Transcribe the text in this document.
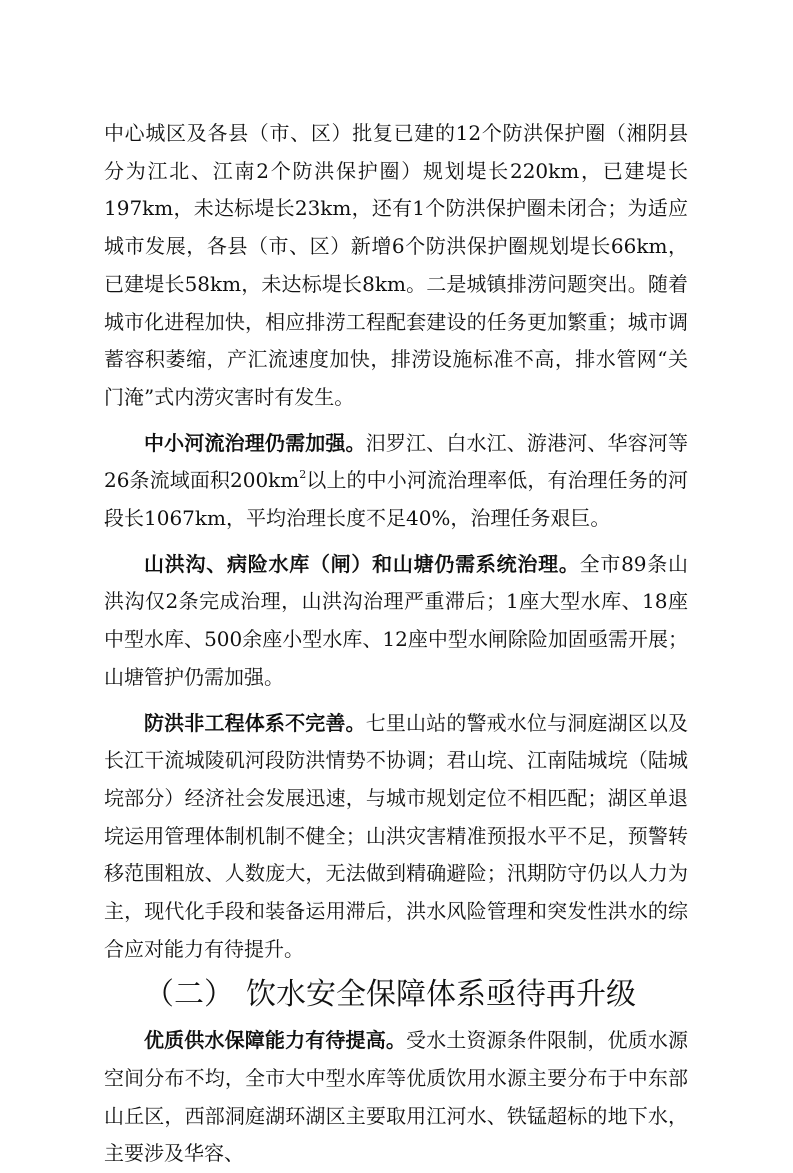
中心城区及各县（市、区）批复已建的12个防洪保护圈（湘阴县分为江北、江南2个防洪保护圈）规划堤长220km，已建堤长197km，未达标堤长23km，还有1个防洪保护圈未闭合；为适应城市发展，各县（市、区）新增6个防洪保护圈规划堤长66km，已建堤长58km，未达标堤长8km。二是城镇排涝问题突出。随着城市化进程加快，相应排涝工程配套建设的任务更加繁重；城市调蓄容积萎缩，产汇流速度加快，排涝设施标准不高，排水管网“关门淹”式内涝灾害时有发生。

中小河流治理仍需加强。汨罗江、白水江、游港河、华容河等26条流域面积$200km^2$以上的中小河流治理率低，有治理任务的河段长1067km，平均治理长度不足40%，治理任务艰巨。

山洪沟、病险水库（闸）和山塘仍需系统治理。全市89条山洪沟仅2条完成治理，山洪沟治理严重滞后；1座大型水库、18座中型水库、500余座小型水库、12座中型水闸除险加固亟需开展；山塘管护仍需加强。

防洪非工程体系不完善。七里山站的警戒水位与洞庭湖区以及长江干流城陵矶河段防洪情势不协调；君山垸、江南陆城垸（陆城垸部分）经济社会发展迅速，与城市规划定位不相匹配；湖区单退垸运用管理体制机制不健全；山洪灾害精准预报水平不足，预警转移范围粗放、人数庞大，无法做到精确避险；汛期防守仍以人力为主，现代化手段和装备运用滞后，洪水风险管理和突发性洪水的综合应对能力有待提升。

（二） 饮水安全保障体系亟待再升级

优质供水保障能力有待提高。受水土资源条件限制，优质水源空间分布不均，全市大中型水库等优质饮用水源主要分布于中东部山丘区，西部洞庭湖环湖区主要取用江河水、铁锰超标的地下水，主要涉及华容、
